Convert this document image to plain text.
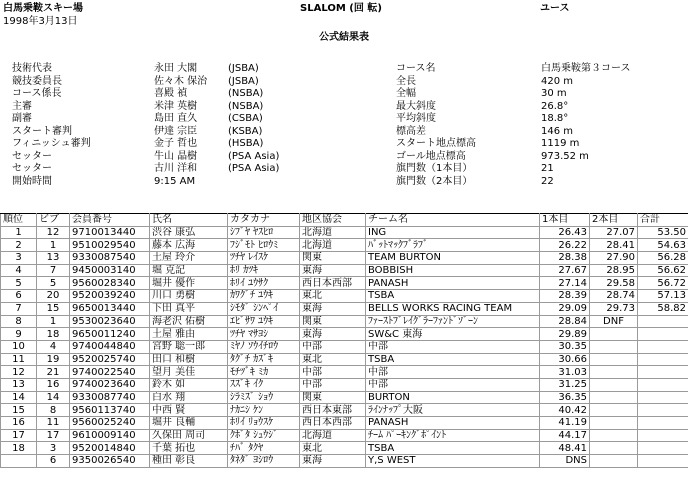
白馬乗鞍スキー場
1998年3月13日
SLALOM (回 転)	ユース
公式結果表
技術代表	永田 大閣	(JSBA)
競技委員長	佐々木 保治 (JSBA)
コース係長	喜殿 禎	(NSBA)
主審	米津 英樹	(NSBA)
副審	島田 直久	(CSBA)
スタート審判	伊達 宗臣	(KSBA)
フィニッシュ審判	金子 哲也	(HSBA)
セッター	牛山 晶樹	(PSA Asia)
セッター	古川 洋和	(PSA Asia)
開始時間	9:15 AM
コース名	白馬乗鞍第３コース
全長	420 m
全幅	30 m
最大斜度	26.8°
平均斜度	18.8°
標高差	146 m
スタート地点標高	1119 m
ゴール地点標高	973.52 m
旗門数（1本目）	21
旗門数（2本目）	22
順位	ビブ	会員番号	氏名	カタカナ	地区協会	チーム名	1本目	2本目	合計
1	12	9710013440	渋谷 康弘	ｼﾌﾞﾔ ﾔｽﾋﾛ	北海道	ING	26.43	27.07	53.50
2	1	9510029540	藤本 広海	ﾌｼﾞﾓﾄ ﾋﾛｳﾐ	北海道	ﾊﾞｯﾄﾏｯｸﾌﾞﾗﾌﾞ	26.22	28.41	54.63
3	13	9330087540	土屋 玲介	ﾂﾁﾔ ﾚｲｽｹ	関東	TEAM BURTON	28.38	27.90	56.28
4	7	9450003140	堀 克記	ﾎﾘ ｶﾂｷ	東海	BOBBISH	27.67	28.95	56.62
5	5	9560028340	堀井 優作	ﾎﾘｲ ﾕｳｻｸ	西日本西部	PANASH	27.14	29.58	56.72
6	20	9520039240	川口 勇樹	ｶﾜｸﾞﾁ ﾕｳｷ	東北	TSBA	28.39	28.74	57.13
7	15	9650013440	下田 真平	ｼﾓﾀﾞ ｼﾝﾍﾟｲ	東海	BELLS WORKS RACING TEAM	29.09	29.73	58.82
8	1	9530023640	海老沢 佑樹	ｴﾋﾞｻﾜ ﾕｳｷ	関東	ﾌｧｰｽﾄﾌﾞﾚｲｸﾞﾗｰﾌｧﾝﾄﾞｿﾞｰﾝ	28.84	DNF	
9	18	9650011240	土屋 雅由	ﾂﾁﾔ ﾏｻﾖｼ	東海	SW&C 東海	29.89		
10	4	9740044840	宮野 聡一郎	ﾐﾔﾉ ｿｳｲﾁﾛｳ	中部	中部	30.35		
11	19	9520025740	田口 和樹	ﾀｸﾞﾁ ｶｽﾞｷ	東北	TSBA	30.66		
12	21	9740022540	望月 美佳	ﾓﾁﾂﾞｷ ﾐｶ	中部	中部	31.03		
13	16	9740023640	鈴木 如	ｽｽﾞｷ ｲｸ	中部	中部	31.25		
14	14	9330087740	白水 翔	ｼﾗﾐｽﾞ ｼｮｳ	関東	BURTON	36.35		
15	8	9560113740	中西 賢	ﾅｶﾆｼ ｹﾝ	西日本東部	ﾗｲﾝﾅｯﾌﾟ大阪	40.42		
16	11	9560025240	堀井 良輔	ﾎﾘｲ ﾘｮｳｽｹ	西日本西部	PANASH	41.19		
17	17	9610009140	久保田 周司	ｸﾎﾞﾀ ｼｭｳｼﾞ	北海道	ﾁｰﾑ ﾊﾟｰｷﾝｸﾞﾎﾟｲﾝﾄ	44.17		
18	3	9520014840	千葉 拓也	ﾁﾊﾞ ﾀｸﾔ	東北	TSBA	48.41		
	6	9350026540	種田 彰良	ﾀﾈﾀﾞ ﾖｼﾛｳ	東海	Y,S WEST	DNS		
